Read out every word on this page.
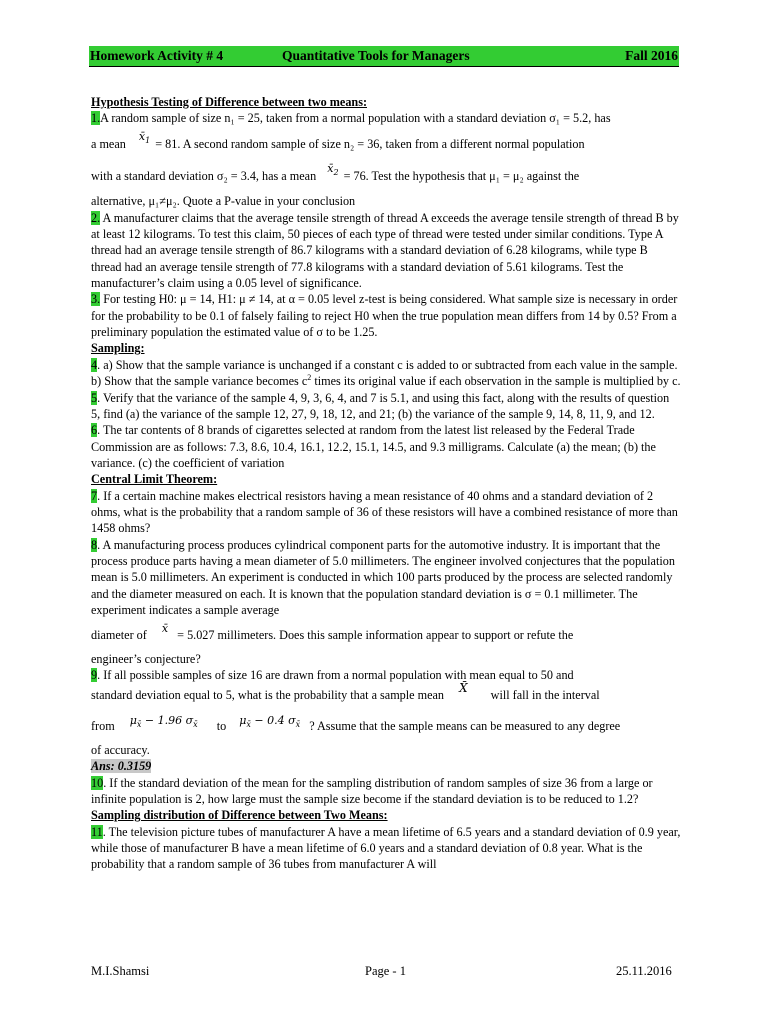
Homework Activity # 4	Quantitative Tools for Managers	Fall 2016
Hypothesis Testing of Difference between two means:
1.A random sample of size n₁ = 25, taken from a normal population with a standard deviation σ₁ = 5.2, has
a mean $x̄_1 = 81$. A second random sample of size n₂ = 36, taken from a different normal population
with a standard deviation σ₂ = 3.4, has a mean $x̄_2 = 76$. Test the hypothesis that μ₁ = μ₂ against the
alternative, μ₁≠μ₂. Quote a P-value in your conclusion
2. A manufacturer claims that the average tensile strength of thread A exceeds the average tensile strength of thread B by at least 12 kilograms. To test this claim, 50 pieces of each type of thread were tested under similar conditions. Type A thread had an average tensile strength of 86.7 kilograms with a standard deviation of 6.28 kilograms, while type B thread had an average tensile strength of 77.8 kilograms with a standard deviation of 5.61 kilograms. Test the manufacturer’s claim using a 0.05 level of significance.
3. For testing H0: μ = 14, H1: μ ≠ 14, at α = 0.05 level z-test is being considered. What sample size is necessary in order for the probability to be 0.1 of falsely failing to reject H0 when the true population mean differs from 14 by 0.5? From a preliminary population the estimated value of σ to be 1.25.
Sampling:
4. a) Show that the sample variance is unchanged if a constant c is added to or subtracted from each value in the sample. b) Show that the sample variance becomes $c^2$ times its original value if each observation in the sample is multiplied by c.
5. Verify that the variance of the sample 4, 9, 3, 6, 4, and 7 is 5.1, and using this fact, along with the results of question 5, find (a) the variance of the sample 12, 27, 9, 18, 12, and 21; (b) the variance of the sample 9, 14, 8, 11, 9, and 12.
6. The tar contents of 8 brands of cigarettes selected at random from the latest list released by the Federal Trade Commission are as follows: 7.3, 8.6, 10.4, 16.1, 12.2, 15.1, 14.5, and 9.3 milligrams. Calculate (a) the mean; (b) the variance. (c) the coefficient of variation
Central Limit Theorem:
7. If a certain machine makes electrical resistors having a mean resistance of 40 ohms and a standard deviation of 2 ohms, what is the probability that a random sample of 36 of these resistors will have a combined resistance of more than 1458 ohms?
8. A manufacturing process produces cylindrical component parts for the automotive industry. It is important that the process produce parts having a mean diameter of 5.0 millimeters. The engineer involved conjectures that the population mean is 5.0 millimeters. An experiment is conducted in which 100 parts produced by the process are selected randomly and the diameter measured on each. It is known that the population standard deviation is σ = 0.1 millimeter. The experiment indicates a sample average
diameter of x̄ = 5.027 millimeters. Does this sample information appear to support or refute the
engineer’s conjecture?
9. If all possible samples of size 16 are drawn from a normal population with mean equal to 50 and
standard deviation equal to 5, what is the probability that a sample mean X̄ will fall in the interval
from $\mu_{x̄} - 1.96$ $\sigma_{x̄}$ to $\mu_{x̄} - 0.4$ $\sigma_{x̄}$ ? Assume that the sample means can be measured to any degree
of accuracy.
Ans: 0.3159
10. If the standard deviation of the mean for the sampling distribution of random samples of size 36 from a large or infinite population is 2, how large must the sample size become if the standard deviation is to be reduced to 1.2?
Sampling distribution of Difference between Two Means:
11. The television picture tubes of manufacturer A have a mean lifetime of 6.5 years and a standard deviation of 0.9 year, while those of manufacturer B have a mean lifetime of 6.0 years and a standard deviation of 0.8 year. What is the probability that a random sample of 36 tubes from manufacturer A will
M.I.Shamsi	Page - 1	25.11.2016
